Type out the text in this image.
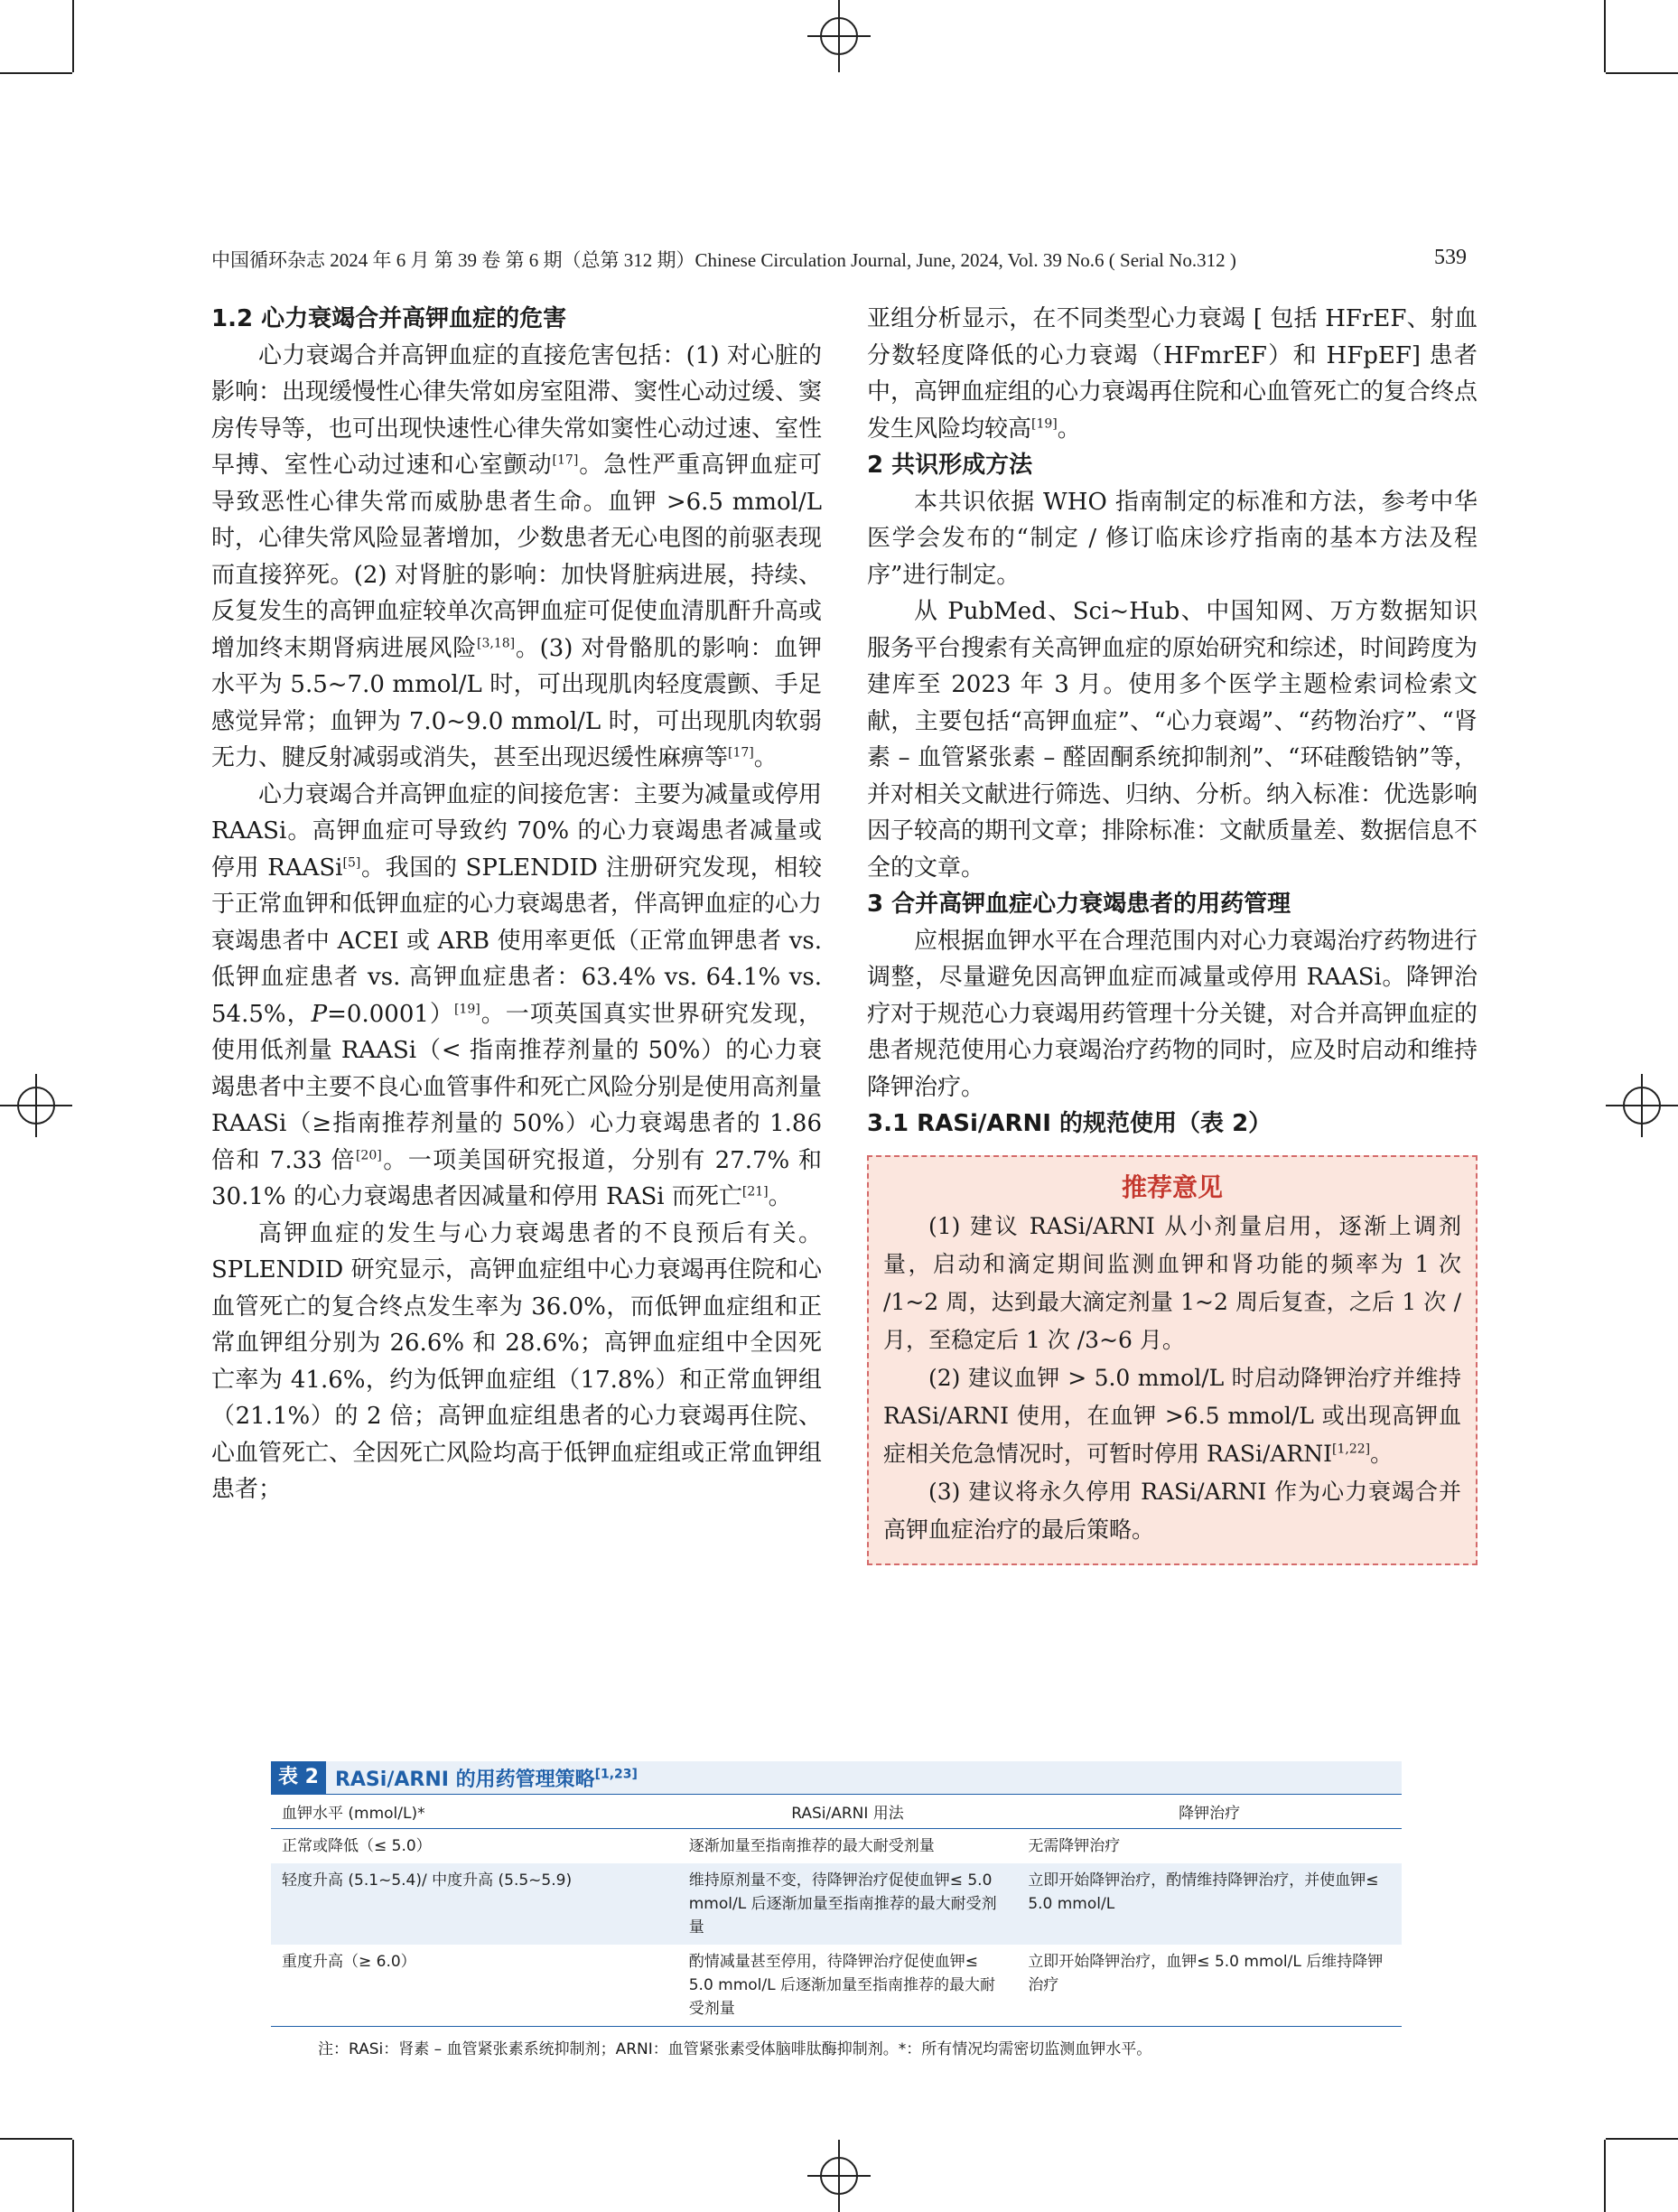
中国循环杂志 2024 年 6 月 第 39 卷 第 6 期（总第 312 期）Chinese Circulation Journal, June, 2024, Vol. 39 No.6 ( Serial No.312 )	539
1.2 心力衰竭合并高钾血症的危害

心力衰竭合并高钾血症的直接危害包括：(1) 对心脏的影响：出现缓慢性心律失常如房室阻滞、窦性心动过缓、窦房传导等，也可出现快速性心律失常如窦性心动过速、室性早搏、室性心动过速和心室颤动[17]。急性严重高钾血症可导致恶性心律失常而威胁患者生命。血钾 >6.5 mmol/L 时，心律失常风险显著增加，少数患者无心电图的前驱表现而直接猝死。(2) 对肾脏的影响：加快肾脏病进展，持续、反复发生的高钾血症较单次高钾血症可促使血清肌酐升高或增加终末期肾病进展风险[3,18]。(3) 对骨骼肌的影响：血钾水平为 5.5~7.0 mmol/L 时，可出现肌肉轻度震颤、手足感觉异常；血钾为 7.0~9.0 mmol/L 时，可出现肌肉软弱无力、腱反射减弱或消失，甚至出现迟缓性麻痹等[17]。

心力衰竭合并高钾血症的间接危害：主要为减量或停用 RAASi。高钾血症可导致约 70% 的心力衰竭患者减量或停用 RAASi[5]。我国的 SPLENDID 注册研究发现，相较于正常血钾和低钾血症的心力衰竭患者，伴高钾血症的心力衰竭患者中 ACEI 或 ARB 使用率更低（正常血钾患者 vs. 低钾血症患者 vs. 高钾血症患者：63.4% vs. 64.1% vs. 54.5%，P=0.0001）[19]。一项英国真实世界研究发现，使用低剂量 RAASi（< 指南推荐剂量的 50%）的心力衰竭患者中主要不良心血管事件和死亡风险分别是使用高剂量 RAASi（≥指南推荐剂量的 50%）心力衰竭患者的 1.86 倍和 7.33 倍[20]。一项美国研究报道，分别有 27.7% 和 30.1% 的心力衰竭患者因减量和停用 RASi 而死亡[21]。

高钾血症的发生与心力衰竭患者的不良预后有关。SPLENDID 研究显示，高钾血症组中心力衰竭再住院和心血管死亡的复合终点发生率为 36.0%，而低钾血症组和正常血钾组分别为 26.6% 和 28.6%；高钾血症组中全因死亡率为 41.6%，约为低钾血症组（17.8%）和正常血钾组（21.1%）的 2 倍；高钾血症组患者的心力衰竭再住院、心血管死亡、全因死亡风险均高于低钾血症组或正常血钾组患者；

亚组分析显示，在不同类型心力衰竭 [ 包括 HFrEF、射血分数轻度降低的心力衰竭（HFmrEF）和 HFpEF] 患者中，高钾血症组的心力衰竭再住院和心血管死亡的复合终点发生风险均较高[19]。

2 共识形成方法

本共识依据 WHO 指南制定的标准和方法，参考中华医学会发布的“制定 / 修订临床诊疗指南的基本方法及程序”进行制定。

从 PubMed、Sci~Hub、中国知网、万方数据知识服务平台搜索有关高钾血症的原始研究和综述，时间跨度为建库至 2023 年 3 月。使用多个医学主题检索词检索文献，主要包括“高钾血症”、“心力衰竭”、“药物治疗”、“肾素 – 血管紧张素 – 醛固酮系统抑制剂”、“环硅酸锆钠”等，并对相关文献进行筛选、归纳、分析。纳入标准：优选影响因子较高的期刊文章；排除标准：文献质量差、数据信息不全的文章。

3 合并高钾血症心力衰竭患者的用药管理

应根据血钾水平在合理范围内对心力衰竭治疗药物进行调整，尽量避免因高钾血症而减量或停用 RAASi。降钾治疗对于规范心力衰竭用药管理十分关键，对合并高钾血症的患者规范使用心力衰竭治疗药物的同时，应及时启动和维持降钾治疗。

3.1 RASi/ARNI 的规范使用（表 2）
推荐意见

(1) 建议 RASi/ARNI 从小剂量启用，逐渐上调剂量，启动和滴定期间监测血钾和肾功能的频率为 1 次 /1~2 周，达到最大滴定剂量 1~2 周后复查，之后 1 次 / 月，至稳定后 1 次 /3~6 月。

(2) 建议血钾 > 5.0 mmol/L 时启动降钾治疗并维持 RASi/ARNI 使用，在血钾 >6.5 mmol/L 或出现高钾血症相关危急情况时，可暂时停用 RASi/ARNI[1,22]。

(3) 建议将永久停用 RASi/ARNI 作为心力衰竭合并高钾血症治疗的最后策略。

表 2 RASi/ARNI 的用药管理策略[1,23]
血钾水平 (mmol/L)*	RASi/ARNI 用法	降钾治疗
正常或降低（≤ 5.0）	逐渐加量至指南推荐的最大耐受剂量	无需降钾治疗
轻度升高 (5.1~5.4)/ 中度升高 (5.5~5.9)	维持原剂量不变，待降钾治疗促使血钾≤ 5.0 mmol/L 后逐渐加量至指南推荐的最大耐受剂量	立即开始降钾治疗，酌情维持降钾治疗，并使血钾≤ 5.0 mmol/L
重度升高（≥ 6.0）	酌情减量甚至停用，待降钾治疗促使血钾≤ 5.0 mmol/L 后逐渐加量至指南推荐的最大耐受剂量	立即开始降钾治疗，血钾≤ 5.0 mmol/L 后维持降钾治疗
注：RASi：肾素 – 血管紧张素系统抑制剂；ARNI：血管紧张素受体脑啡肽酶抑制剂。*：所有情况均需密切监测血钾水平。
